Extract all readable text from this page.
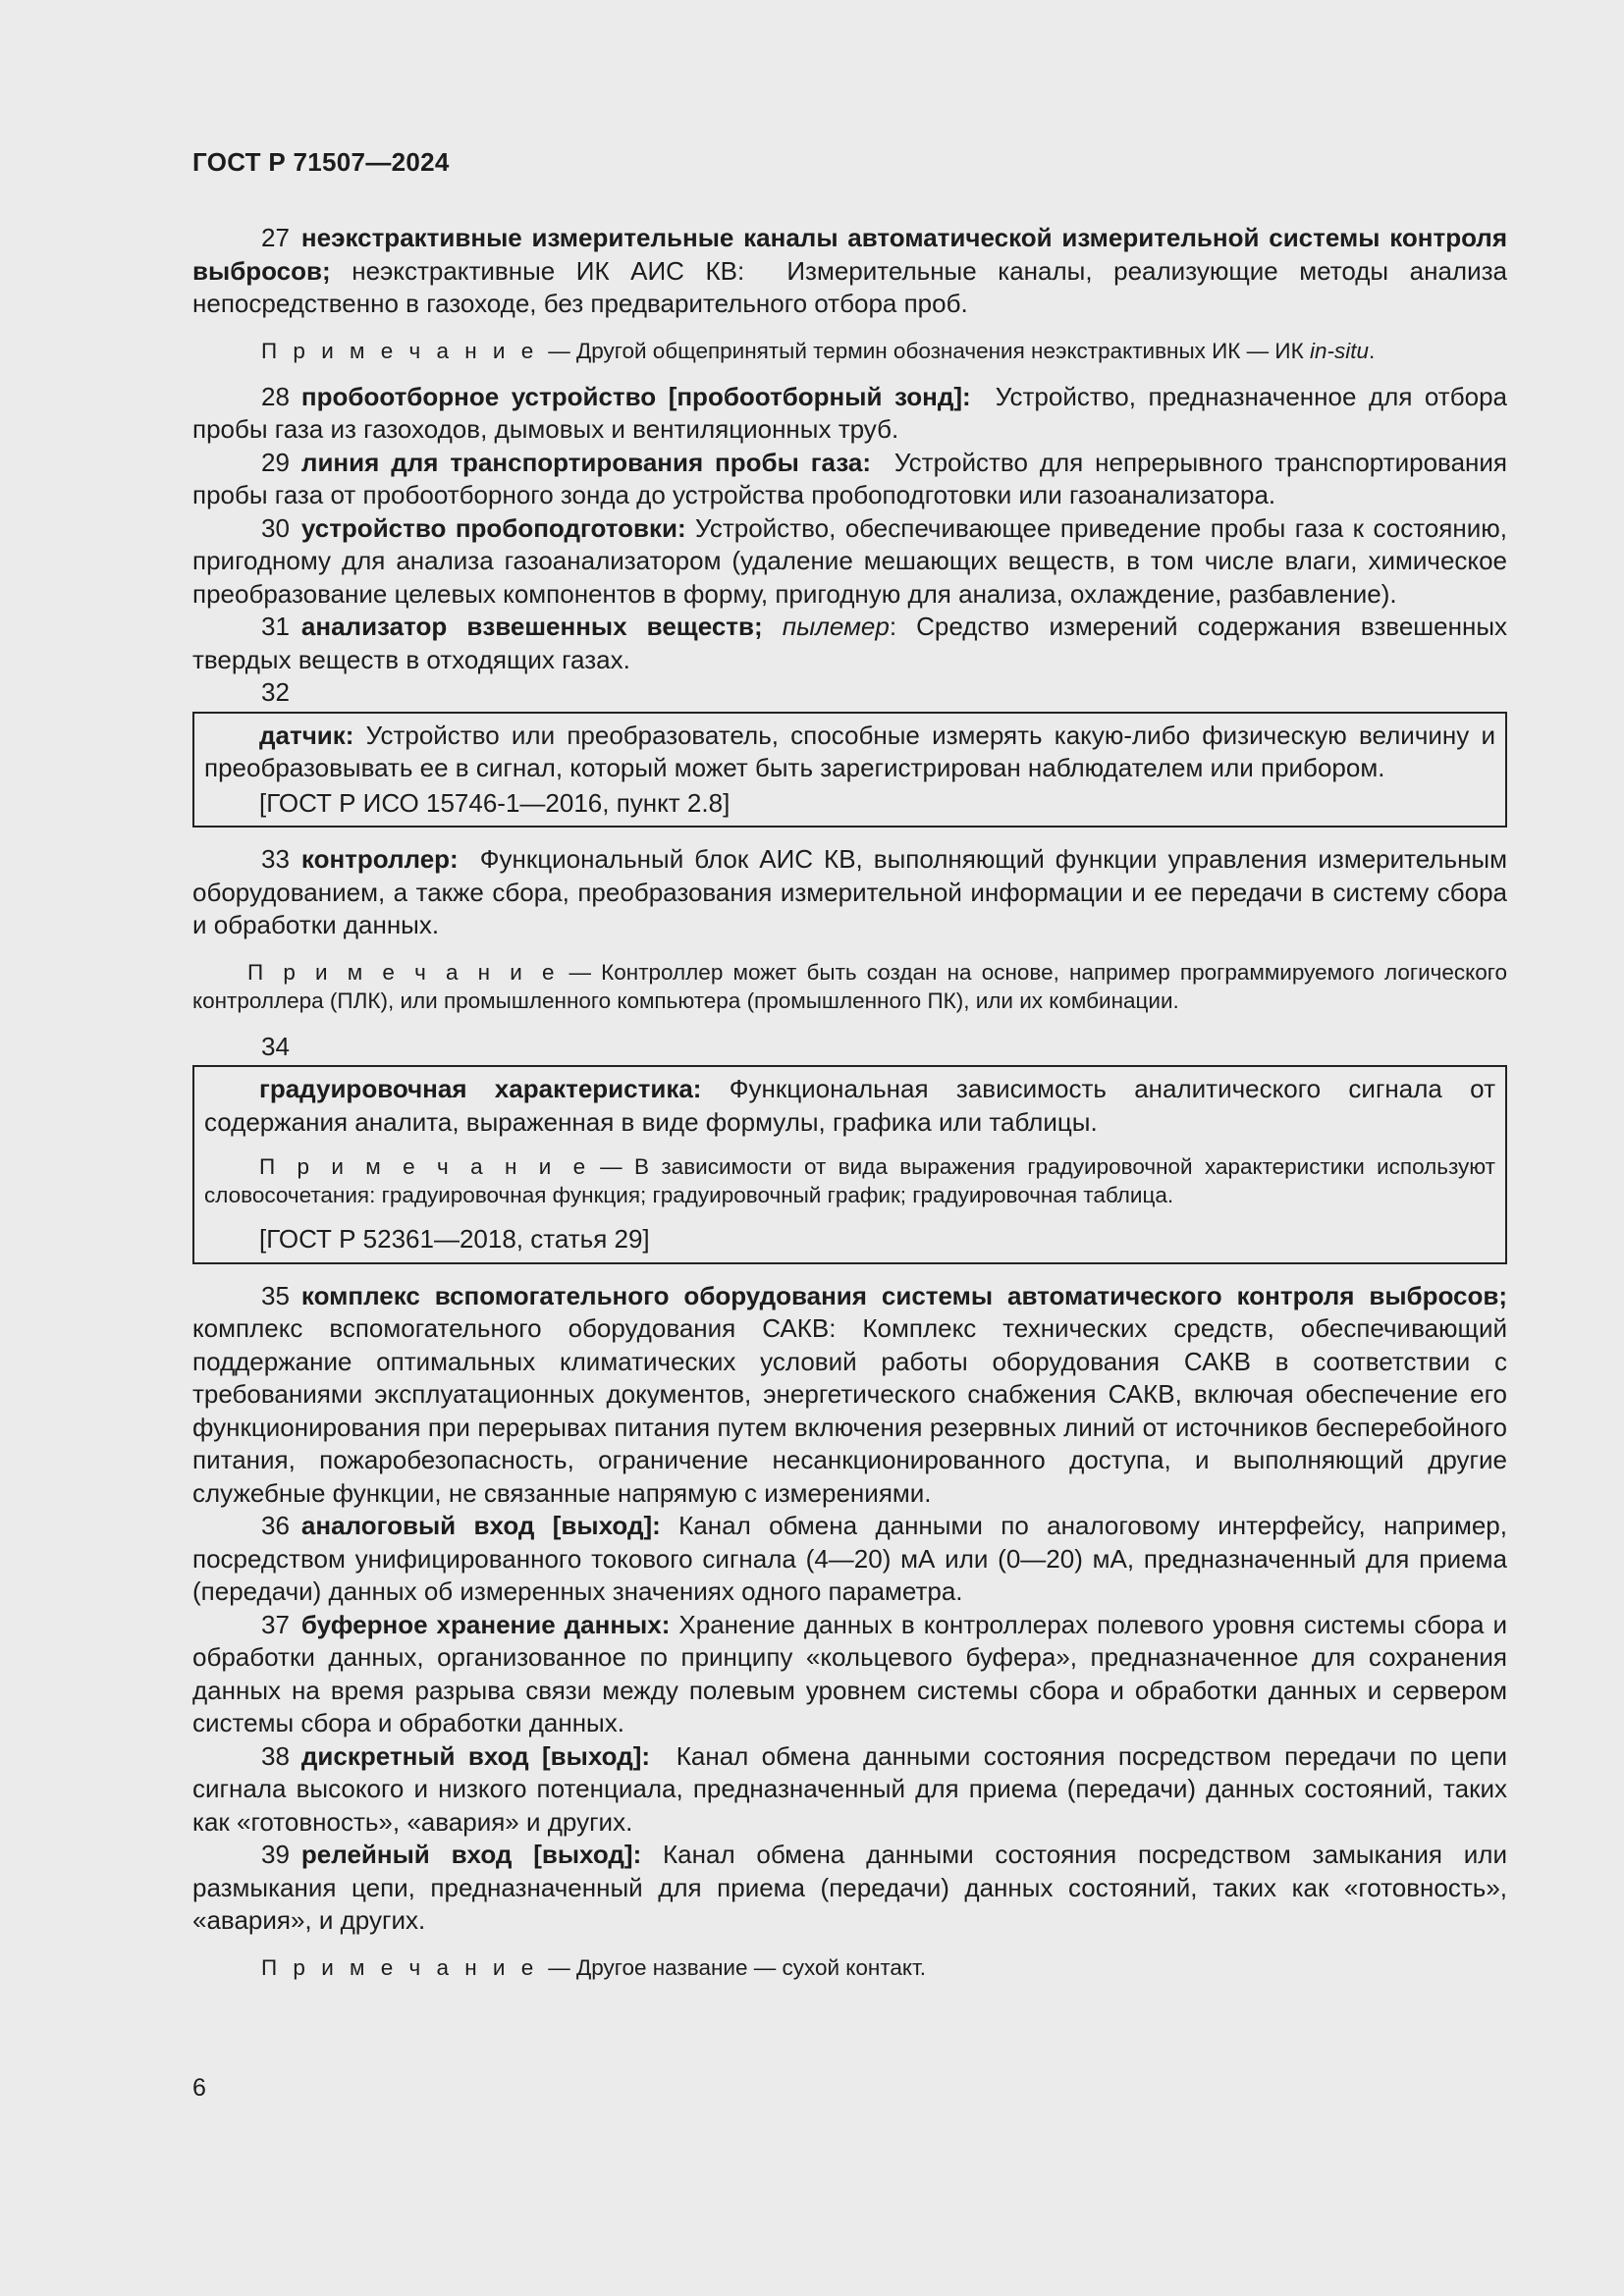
ГОСТ Р 71507—2024

27 неэкстрактивные измерительные каналы автоматической измерительной системы контроля выбросов; неэкстрактивные ИК АИС КВ: Измерительные каналы, реализующие методы анализа непосредственно в газоходе, без предварительного отбора проб.

П р и м е ч а н и е — Другой общепринятый термин обозначения неэкстрактивных ИК — ИК in-situ.

28 пробоотборное устройство [пробоотборный зонд]: Устройство, предназначенное для отбора пробы газа из газоходов, дымовых и вентиляционных труб.

29 линия для транспортирования пробы газа: Устройство для непрерывного транспортирования пробы газа от пробоотборного зонда до устройства пробоподготовки или газоанализатора.

30 устройство пробоподготовки: Устройство, обеспечивающее приведение пробы газа к состоянию, пригодному для анализа газоанализатором (удаление мешающих веществ, в том числе влаги, химическое преобразование целевых компонентов в форму, пригодную для анализа, охлаждение, разбавление).

31 анализатор взвешенных веществ; пылемер: Средство измерений содержания взвешенных твердых веществ в отходящих газах.

32

датчик: Устройство или преобразователь, способные измерять какую-либо физическую величину и преобразовывать ее в сигнал, который может быть зарегистрирован наблюдателем или прибором.

[ГОСТ Р ИСО 15746-1—2016, пункт 2.8]

33 контроллер: Функциональный блок АИС КВ, выполняющий функции управления измерительным оборудованием, а также сбора, преобразования измерительной информации и ее передачи в систему сбора и обработки данных.

П р и м е ч а н и е — Контроллер может быть создан на основе, например программируемого логического контроллера (ПЛК), или промышленного компьютера (промышленного ПК), или их комбинации.

34

градуировочная характеристика: Функциональная зависимость аналитического сигнала от содержания аналита, выраженная в виде формулы, графика или таблицы.

П р и м е ч а н и е — В зависимости от вида выражения градуировочной характеристики используют словосочетания: градуировочная функция; градуировочный график; градуировочная таблица.

[ГОСТ Р 52361—2018, статья 29]

35 комплекс вспомогательного оборудования системы автоматического контроля выбросов; комплекс вспомогательного оборудования САКВ: Комплекс технических средств, обеспечивающий поддержание оптимальных климатических условий работы оборудования САКВ в соответствии с требованиями эксплуатационных документов, энергетического снабжения САКВ, включая обеспечение его функционирования при перерывах питания путем включения резервных линий от источников бесперебойного питания, пожаробезопасность, ограничение несанкционированного доступа, и выполняющий другие служебные функции, не связанные напрямую с измерениями.

36 аналоговый вход [выход]: Канал обмена данными по аналоговому интерфейсу, например, посредством унифицированного токового сигнала (4—20) мА или (0—20) мА, предназначенный для приема (передачи) данных об измеренных значениях одного параметра.

37 буферное хранение данных: Хранение данных в контроллерах полевого уровня системы сбора и обработки данных, организованное по принципу «кольцевого буфера», предназначенное для сохранения данных на время разрыва связи между полевым уровнем системы сбора и обработки данных и сервером системы сбора и обработки данных.

38 дискретный вход [выход]: Канал обмена данными состояния посредством передачи по цепи сигнала высокого и низкого потенциала, предназначенный для приема (передачи) данных состояний, таких как «готовность», «авария» и других.

39 релейный вход [выход]: Канал обмена данными состояния посредством замыкания или размыкания цепи, предназначенный для приема (передачи) данных состояний, таких как «готовность», «авария», и других.

П р и м е ч а н и е — Другое название — сухой контакт.

6
